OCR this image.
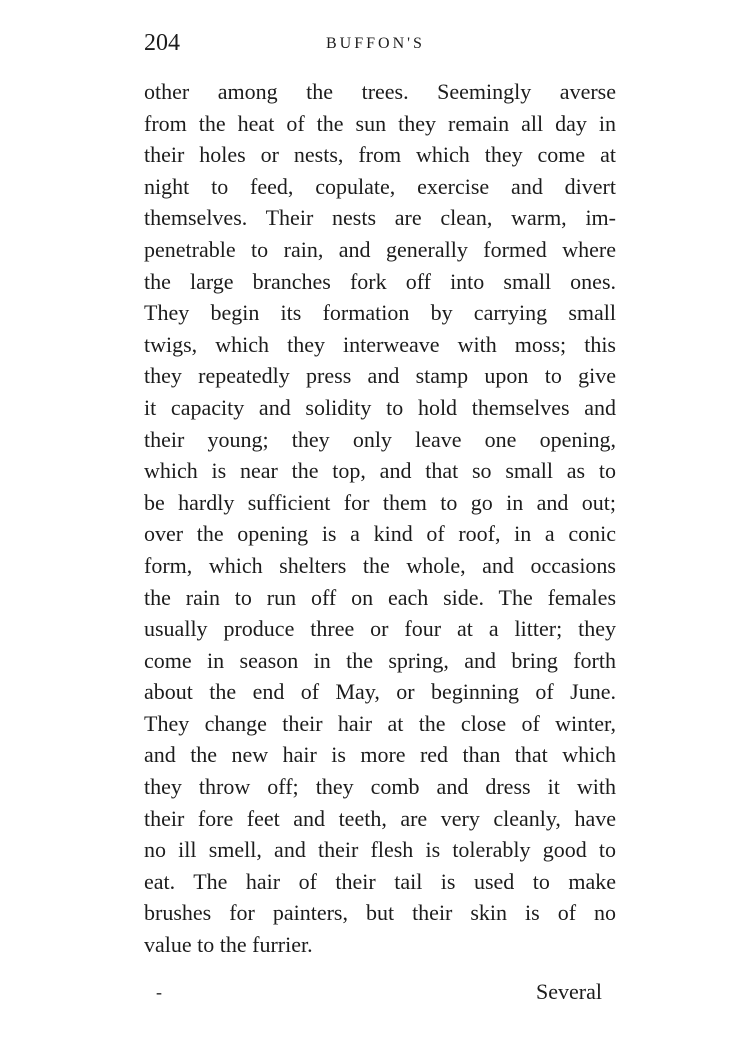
204	BUFFON'S
other among the trees. Seemingly averse
from the heat of the sun they remain all day in
their holes or nests, from which they come at
night to feed, copulate, exercise and divert
themselves. Their nests are clean, warm, im-
penetrable to rain, and generally formed where
the large branches fork off into small ones.
They begin its formation by carrying small
twigs, which they interweave with moss; this
they repeatedly press and stamp upon to give
it capacity and solidity to hold themselves and
their young; they only leave one opening,
which is near the top, and that so small as to
be hardly sufficient for them to go in and out;
over the opening is a kind of roof, in a conic
form, which shelters the whole, and occasions
the rain to run off on each side. The females
usually produce three or four at a litter; they
come in season in the spring, and bring forth
about the end of May, or beginning of June.
They change their hair at the close of winter,
and the new hair is more red than that which
they throw off; they comb and dress it with
their fore feet and teeth, are very cleanly, have
no ill smell, and their flesh is tolerably good to
eat. The hair of their tail is used to make
brushes for painters, but their skin is of no
value to the furrier.
-	Several
